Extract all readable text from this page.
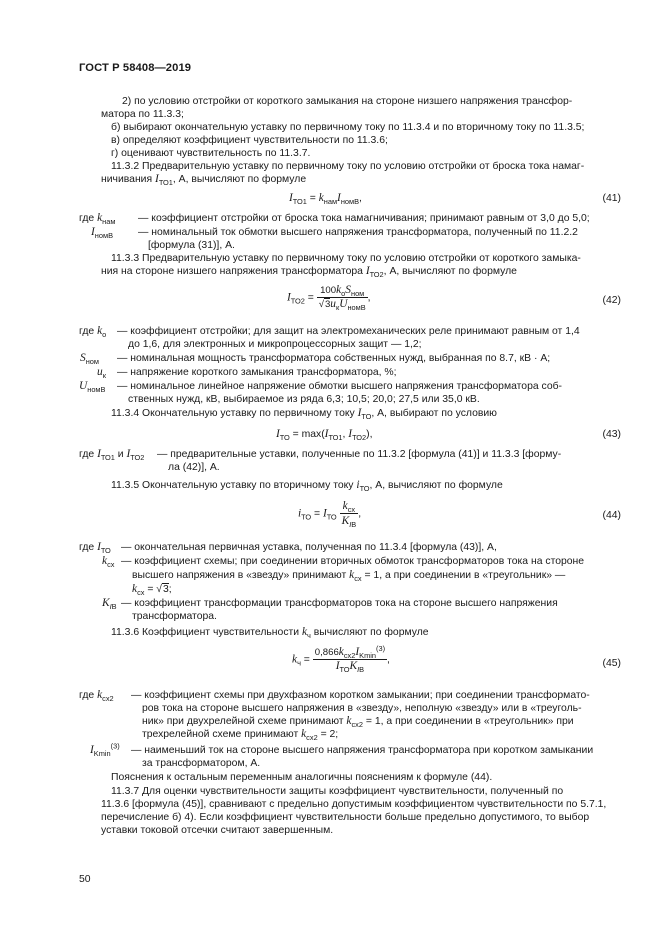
ГОСТ Р 58408—2019
2) по условию отстройки от короткого замыкания на стороне низшего напряжения трансфор-
матора по 11.3.3;
б) выбирают окончательную уставку по первичному току по 11.3.4 и по вторичному току по 11.3.5;
в) определяют коэффициент чувствительности по 11.3.6;
г) оценивают чувствительность по 11.3.7.
11.3.2 Предварительную уставку по первичному току по условию отстройки от броска тока намаг-
ничивания $I_{ТО1}$, А, вычисляют по формуле
$I_{ТО1} = k_{нам}I_{номВ}$,	(41)
где $k_{нам}$ — коэффициент отстройки от броска тока намагничивания; принимают равным от 3,0 до 5,0;
$I_{номВ}$ — номинальный ток обмотки высшего напряжения трансформатора, полученный по 11.2.2
[формула (31)], А.
11.3.3 Предварительную уставку по первичному току по условию отстройки от короткого замыка-
ния на стороне низшего напряжения трансформатора $I_{ТО2}$, А, вычисляют по формуле
$I_{ТО2} = \frac{100k_оS_{ном}}{√3u_кU_{номВ}}$ ,	(42)
где $k_о$ — коэффициент отстройки; для защит на электромеханических реле принимают равным от 1,4
до 1,6, для электронных и микропроцессорных защит — 1,2;
$S_{ном}$ — номинальная мощность трансформатора собственных нужд, выбранная по 8.7, кВ · А;
$u_к$ — напряжение короткого замыкания трансформатора, %;
$U_{номВ}$ — номинальное линейное напряжение обмотки высшего напряжения трансформатора соб-
ственных нужд, кВ, выбираемое из ряда 6,3; 10,5; 20,0; 27,5 или 35,0 кВ.
11.3.4 Окончательную уставку по первичному току $I_{ТО}$, А, выбирают по условию
$I_{ТО} = \max(I_{ТО1}$, $I_{ТО2}$),	(43)
где $I_{ТО1}$ и $I_{ТО2}$ — предварительные уставки, полученные по 11.3.2 [формула (41)] и 11.3.3 [форму-
ла (42)], А.
11.3.5 Окончательную уставку по вторичному току $i_{ТО}$, А, вычисляют по формуле
$i_{ТО} = I_{ТО} \frac{k_{сх}}{K_{IВ}}$ ,	(44)
где $I_{ТО}$ — окончательная первичная уставка, полученная по 11.3.4 [формула (43)], А,
$k_{сх}$ — коэффициент схемы; при соединении вторичных обмоток трансформаторов тока на стороне
высшего напряжения в «звезду» принимают $k_{сх} = 1$, а при соединении в «треугольник» —
$k_{сх} = √3$;
$K_{IВ}$ — коэффициент трансформации трансформаторов тока на стороне высшего напряжения
трансформатора.
11.3.6 Коэффициент чувствительности $k_ч$ вычисляют по формуле
$k_ч = \frac{0,866k_{сх2}I_{Kmin}^{(3)}}{I_{ТО}K_{IВ}}$ ,	(45)
где $k_{сх2}$ — коэффициент схемы при двухфазном коротком замыкании; при соединении трансформато-
ров тока на стороне высшего напряжения в «звезду», неполную «звезду» или в «треуголь-
ник» при двухрелейной схеме принимают $k_{сх2} = 1$, а при соединении в «треугольник» при
трехрелейной схеме принимают $k_{сх2} = 2$;
$I_{Kmin}^{(3)}$ — наименьший ток на стороне высшего напряжения трансформатора при коротком замыкании
за трансформатором, А.
Пояснения к остальным переменным аналогичны пояснениям к формуле (44).
11.3.7 Для оценки чувствительности защиты коэффициент чувствительности, полученный по
11.3.6 [формула (45)], сравнивают с предельно допустимым коэффициентом чувствительности по 5.7.1,
перечисление б) 4). Если коэффициент чувствительности больше предельно допустимого, то выбор
уставки токовой отсечки считают завершенным.
50
